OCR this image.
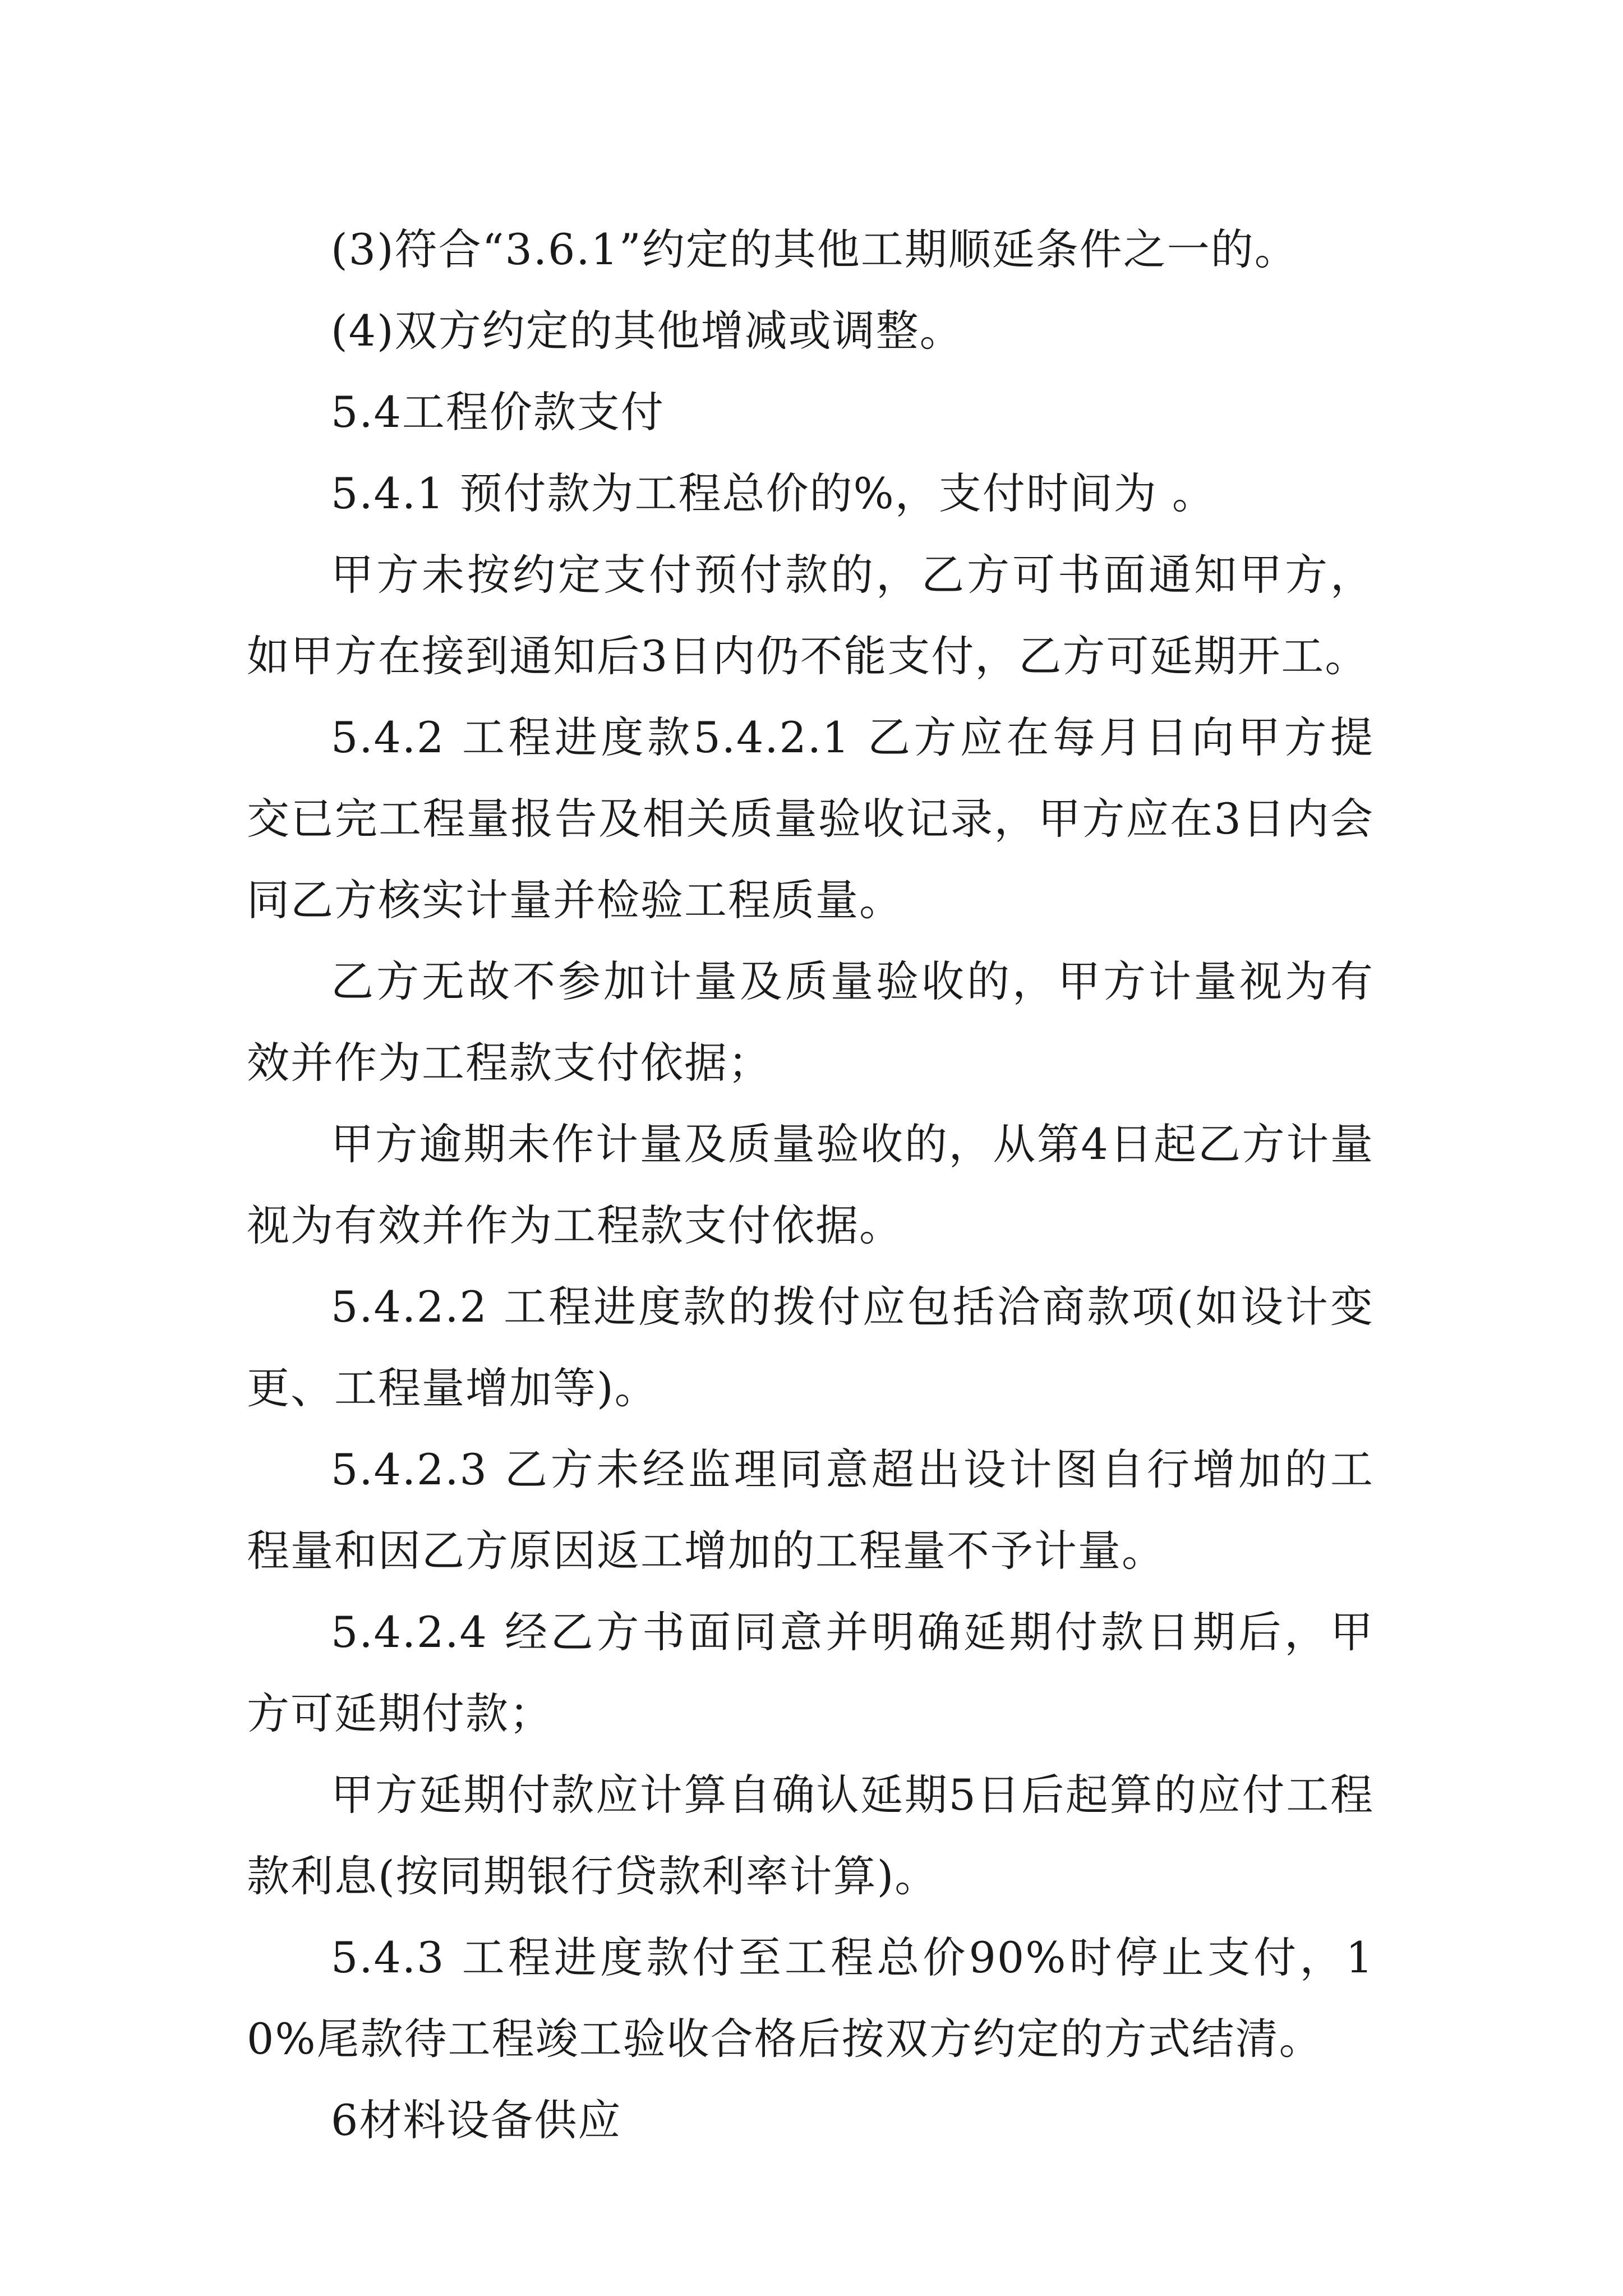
(3)符合“3.6.1”约定的其他工期顺延条件之一的。

(4)双方约定的其他增减或调整。

5.4工程价款支付

5.4.1 预付款为工程总价的%，支付时间为 。

甲方未按约定支付预付款的，乙方可书面通知甲方，如甲方在接到通知后3日内仍不能支付，乙方可延期开工。

5.4.2 工程进度款5.4.2.1 乙方应在每月日向甲方提交已完工程量报告及相关质量验收记录，甲方应在3日内会同乙方核实计量并检验工程质量。

乙方无故不参加计量及质量验收的，甲方计量视为有效并作为工程款支付依据；

甲方逾期未作计量及质量验收的，从第4日起乙方计量视为有效并作为工程款支付依据。

5.4.2.2 工程进度款的拨付应包括洽商款项(如设计变更、工程量增加等)。

5.4.2.3 乙方未经监理同意超出设计图自行增加的工程量和因乙方原因返工增加的工程量不予计量。

5.4.2.4 经乙方书面同意并明确延期付款日期后，甲方可延期付款；

甲方延期付款应计算自确认延期5日后起算的应付工程款利息(按同期银行贷款利率计算)。

5.4.3 工程进度款付至工程总价90%时停止支付，10%尾款待工程竣工验收合格后按双方约定的方式结清。

6材料设备供应
